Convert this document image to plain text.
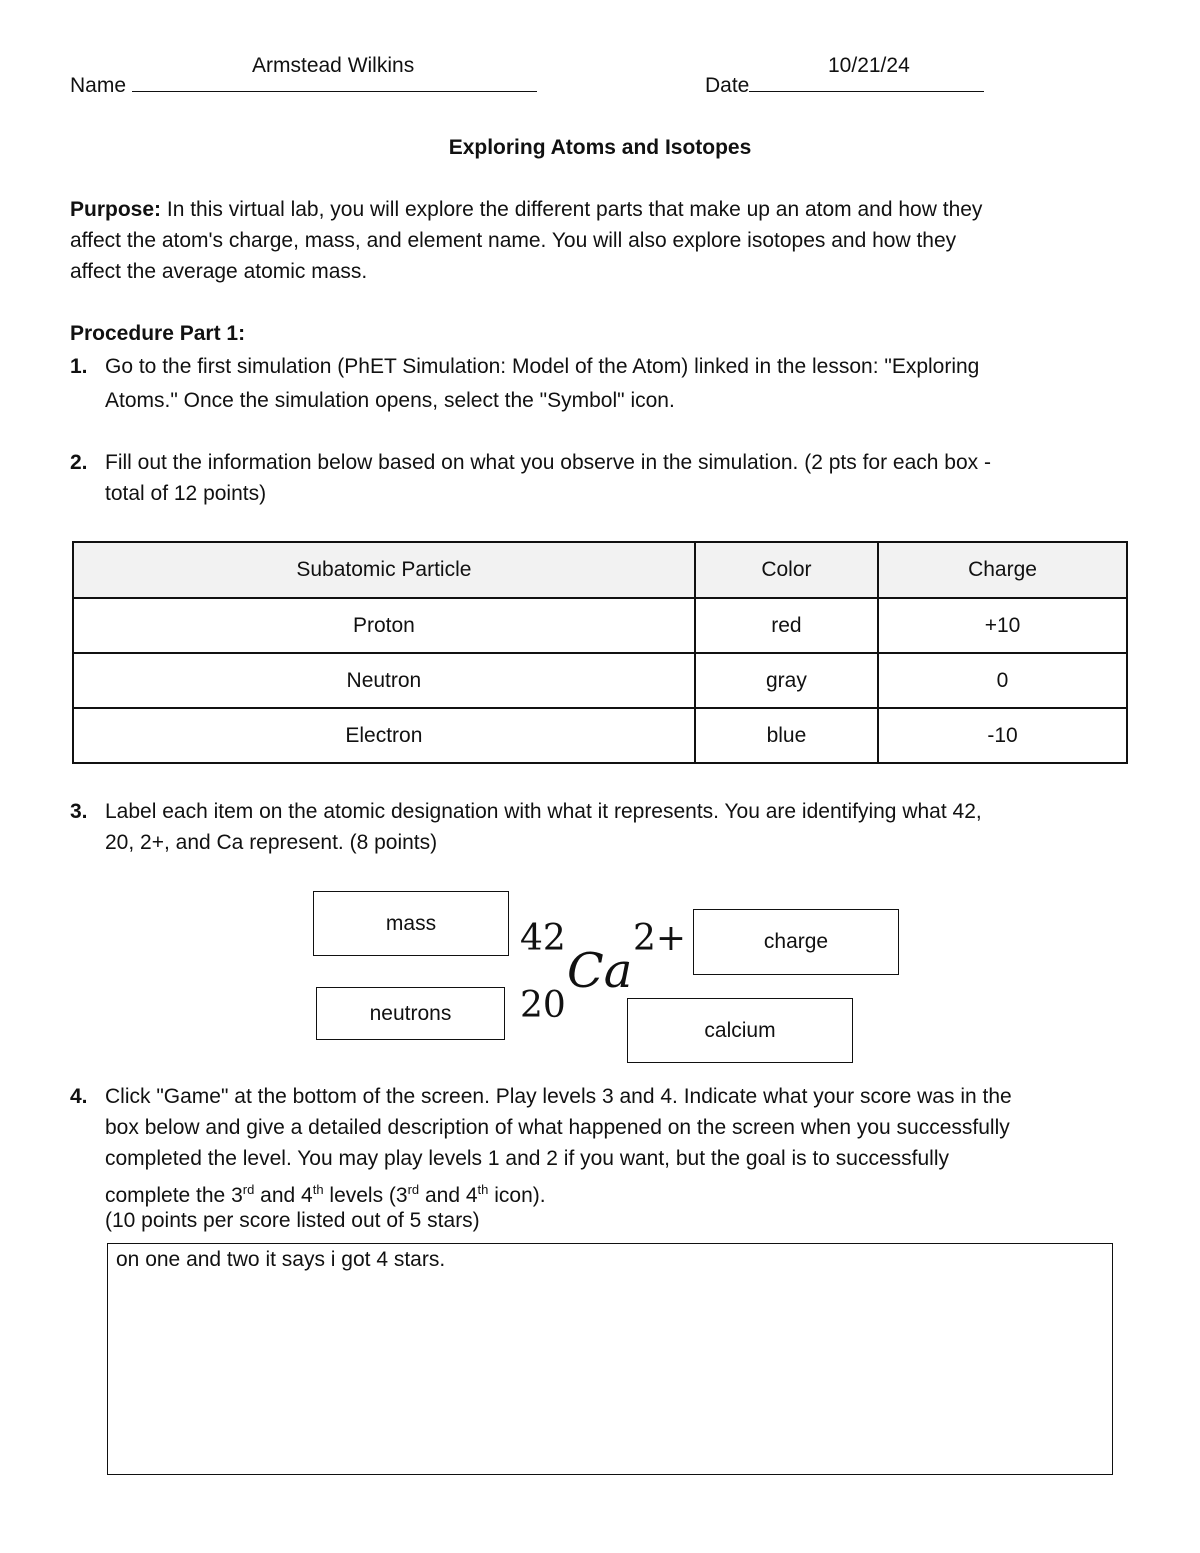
Armstead Wilkins
Name
10/21/24
Date
Exploring Atoms and Isotopes
Purpose: In this virtual lab, you will explore the different parts that make up an atom and how they
affect the atom's charge, mass, and element name. You will also explore isotopes and how they
affect the average atomic mass.
Procedure Part 1:
1. Go to the first simulation (PhET Simulation: Model of the Atom) linked in the lesson: "Exploring
Atoms." Once the simulation opens, select the "Symbol" icon.
2. Fill out the information below based on what you observe in the simulation. (2 pts for each box -
total of 12 points)
Subatomic Particle	Color	Charge
Proton	red	+10
Neutron	gray	0
Electron	blue	-10
3. Label each item on the atomic designation with what it represents. You are identifying what 42,
20, 2+, and Ca represent. (8 points)
mass
neutrons
charge
calcium
42
20
Ca
2+
4. Click "Game" at the bottom of the screen. Play levels 3 and 4. Indicate what your score was in the
box below and give a detailed description of what happened on the screen when you successfully
completed the level. You may play levels 1 and 2 if you want, but the goal is to successfully
complete the 3rd and 4th levels (3rd and 4th icon).
(10 points per score listed out of 5 stars)
on one and two it says i got 4 stars.
